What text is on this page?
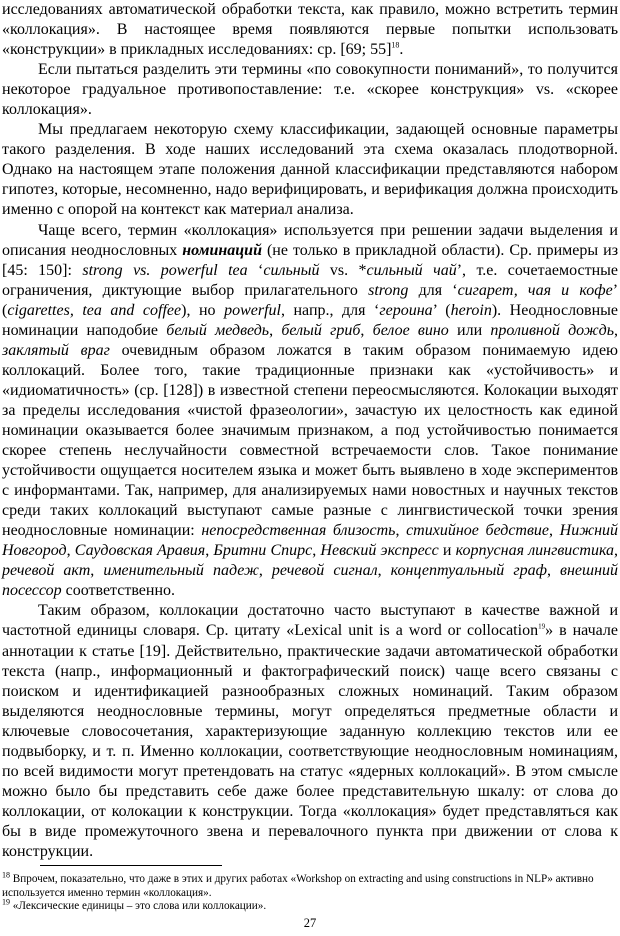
исследованиях автоматической обработки текста, как правило, можно встретить термин «коллокация». В настоящее время появляются первые попытки использовать «конструкции» в прикладных исследованиях: ср. [69; 55]$^{18}$.

Если пытаться разделить эти термины «по совокупности пониманий», то получится некоторое градуальное противопоставление: т.е. «скорее конструкция» vs. «скорее коллокация».

Мы предлагаем некоторую схему классификации, задающей основные параметры такого разделения. В ходе наших исследований эта схема оказалась плодотворной. Однако на настоящем этапе положения данной классификации представляются набором гипотез, которые, несомненно, надо верифицировать, и верификация должна происходить именно с опорой на контекст как материал анализа.

Чаще всего, термин «коллокация» используется при решении задачи выделения и описания неоднословных номинаций (не только в прикладной области). Ср. примеры из [45: 150]: strong vs. powerful tea ‘сильный vs. *сильный чай’, т.е. сочетаемостные ограничения, диктующие выбор прилагательного strong для ‘сигарет, чая и кофе’ (cigarettes, tea and coffee), но powerful, напр., для ‘героина’ (heroin). Неоднословные номинации наподобие белый медведь, белый гриб, белое вино или проливной дождь, заклятый враг очевидным образом ложатся в таким образом понимаемую идею коллокаций. Более того, такие традиционные признаки как «устойчивость» и «идиоматичность» (ср. [128]) в известной степени переосмысляются. Колокации выходят за пределы исследования «чистой фразеологии», зачастую их целостность как единой номинации оказывается более значимым признаком, а под устойчивостью понимается скорее степень неслучайности совместной встречаемости слов. Такое понимание устойчивости ощущается носителем языка и может быть выявлено в ходе экспериментов с информантами. Так, например, для анализируемых нами новостных и научных текстов среди таких коллокаций выступают самые разные с лингвистической точки зрения неоднословные номинации: непосредственная близость, стихийное бедствие, Нижний Новгород, Саудовская Аравия, Бритни Спирс, Невский экспресс и корпусная лингвистика, речевой акт, именительный падеж, речевой сигнал, концептуальный граф, внешний посессор соответственно.

Таким образом, коллокации достаточно часто выступают в качестве важной и частотной единицы словаря. Ср. цитату «Lexical unit is a word or collocation$^{19}$» в начале аннотации к статье [19]. Действительно, практические задачи автоматической обработки текста (напр., информационный и фактографический поиск) чаще всего связаны с поиском и идентификацией разнообразных сложных номинаций. Таким образом выделяются неоднословные термины, могут определяться предметные области и ключевые словосочетания, характеризующие заданную коллекцию текстов или ее подвыборку, и т. п. Именно коллокации, соответствующие неоднословным номинациям, по всей видимости могут претендовать на статус «ядерных коллокаций». В этом смысле можно было бы представить себе даже более представительную шкалу: от слова до коллокации, от колокации к конструкции. Тогда «коллокация» будет представляться как бы в виде промежуточного звена и перевалочного пункта при движении от слова к конструкции.

$^{18}$ Впрочем, показательно, что даже в этих и других работах «Workshop on extracting and using constructions in NLP» активно используется именно термин «коллокация».

$^{19}$ «Лексические единицы – это слова или коллокации».

27
